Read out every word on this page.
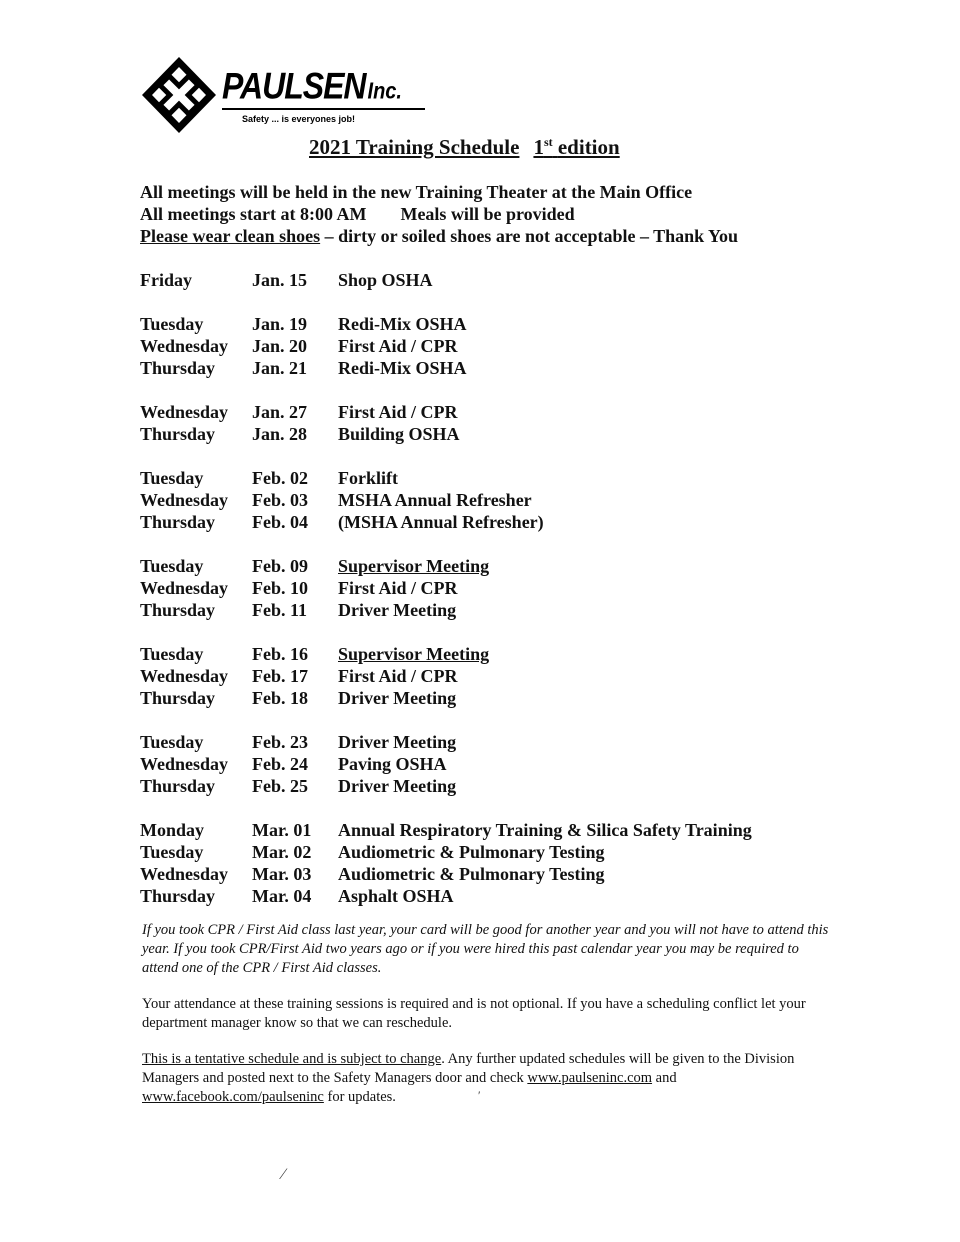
PAULSEN Inc.
Safety ... is everyones job!
2021 Training Schedule 1st edition
All meetings will be held in the new Training Theater at the Main Office
All meetings start at 8:00 AM Meals will be provided
Please wear clean shoes – dirty or soiled shoes are not acceptable – Thank You
Friday	Jan. 15 Shop OSHA
Tuesday	Jan. 19 Redi-Mix OSHA
Wednesday Jan. 20 First Aid / CPR
Thursday Jan. 21 Redi-Mix OSHA
Wednesday Jan. 27 First Aid / CPR
Thursday Jan. 28 Building OSHA
Tuesday	Feb. 02 Forklift
Wednesday Feb. 03 MSHA Annual Refresher
Thursday Feb. 04 (MSHA Annual Refresher)
Tuesday	Feb. 09 Supervisor Meeting
Wednesday Feb. 10 First Aid / CPR
Thursday Feb. 11 Driver Meeting
Tuesday	Feb. 16 Supervisor Meeting
Wednesday Feb. 17 First Aid / CPR
Thursday Feb. 18 Driver Meeting
Tuesday	Feb. 23 Driver Meeting
Wednesday Feb. 24 Paving OSHA
Thursday Feb. 25 Driver Meeting
Monday	Mar. 01 Annual Respiratory Training & Silica Safety Training
Tuesday	Mar. 02 Audiometric & Pulmonary Testing
Wednesday Mar. 03 Audiometric & Pulmonary Testing
Thursday Mar. 04 Asphalt OSHA
If you took CPR / First Aid class last year, your card will be good for another year and you will not have to attend this year. If you took CPR/First Aid two years ago or if you were hired this past calendar year you may be required to attend one of the CPR / First Aid classes.
Your attendance at these training sessions is required and is not optional. If you have a scheduling conflict let your department manager know so that we can reschedule.
This is a tentative schedule and is subject to change. Any further updated schedules will be given to the Division Managers and posted next to the Safety Managers door and check www.paulseninc.com and www.facebook.com/paulseninc for updates.	′
⁄
